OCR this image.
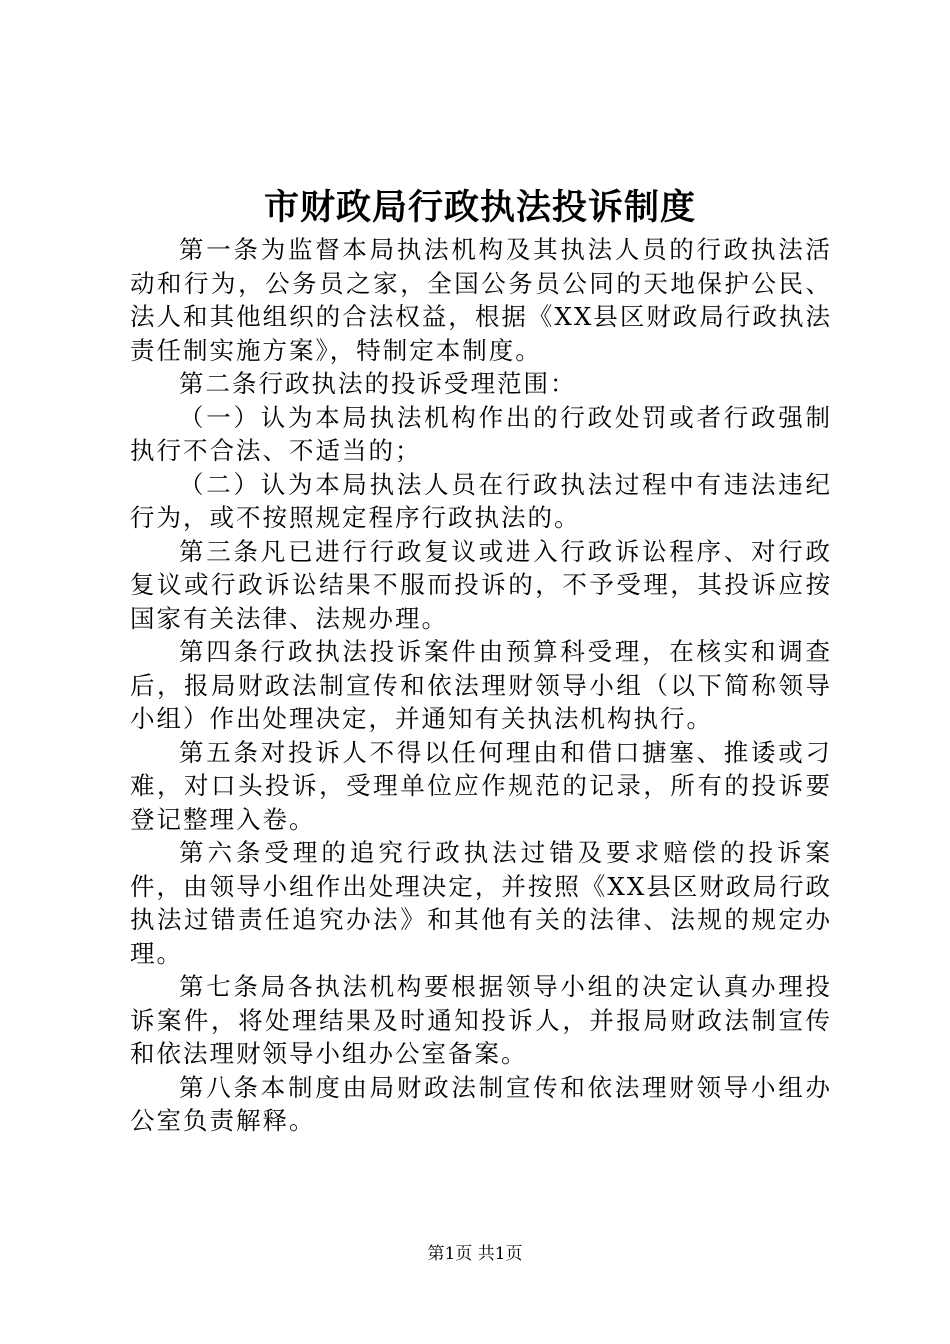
市财政局行政执法投诉制度

第一条为监督本局执法机构及其执法人员的行政执法活动和行为，公务员之家，全国公务员公同的天地保护公民、法人和其他组织的合法权益，根据《XX县区财政局行政执法责任制实施方案》，特制定本制度。

第二条行政执法的投诉受理范围：

（一）认为本局执法机构作出的行政处罚或者行政强制执行不合法、不适当的；

（二）认为本局执法人员在行政执法过程中有违法违纪行为，或不按照规定程序行政执法的。

第三条凡已进行行政复议或进入行政诉讼程序、对行政复议或行政诉讼结果不服而投诉的，不予受理，其投诉应按国家有关法律、法规办理。

第四条行政执法投诉案件由预算科受理，在核实和调查后，报局财政法制宣传和依法理财领导小组（以下简称领导小组）作出处理决定，并通知有关执法机构执行。

第五条对投诉人不得以任何理由和借口搪塞、推诿或刁难，对口头投诉，受理单位应作规范的记录，所有的投诉要登记整理入卷。

第六条受理的追究行政执法过错及要求赔偿的投诉案件，由领导小组作出处理决定，并按照《XX县区财政局行政执法过错责任追究办法》和其他有关的法律、法规的规定办理。

第七条局各执法机构要根据领导小组的决定认真办理投诉案件，将处理结果及时通知投诉人，并报局财政法制宣传和依法理财领导小组办公室备案。

第八条本制度由局财政法制宣传和依法理财领导小组办公室负责解释。

第1页 共1页
